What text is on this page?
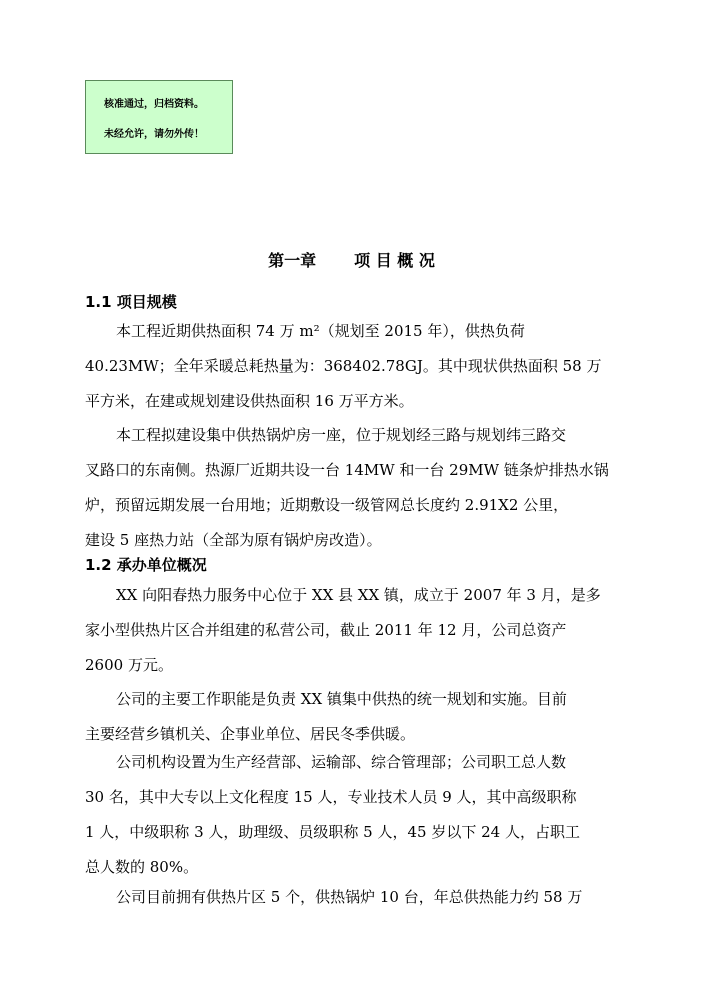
核准通过，归档资料。
未经允许，请勿外传！
第一章 项 目 概 况
1.1 项目规模
本工程近期供热面积 74 万 m²（规划至 2015 年），供热负荷
40.23MW；全年采暖总耗热量为：368402.78GJ。其中现状供热面积 58 万
平方米，在建或规划建设供热面积 16 万平方米。
本工程拟建设集中供热锅炉房一座，位于规划经三路与规划纬三路交
叉路口的东南侧。热源厂近期共设一台 14MW 和一台 29MW 链条炉排热水锅
炉，预留远期发展一台用地；近期敷设一级管网总长度约 2.91X2 公里，
建设 5 座热力站（全部为原有锅炉房改造）。
1.2 承办单位概况
XX 向阳春热力服务中心位于 XX 县 XX 镇，成立于 2007 年 3 月，是多
家小型供热片区合并组建的私营公司，截止 2011 年 12 月，公司总资产
2600 万元。
公司的主要工作职能是负责 XX 镇集中供热的统一规划和实施。目前
主要经营乡镇机关、企事业单位、居民冬季供暖。
公司机构设置为生产经营部、运输部、综合管理部；公司职工总人数
30 名，其中大专以上文化程度 15 人，专业技术人员 9 人，其中高级职称
1 人，中级职称 3 人，助理级、员级职称 5 人，45 岁以下 24 人，占职工
总人数的 80%。
公司目前拥有供热片区 5 个，供热锅炉 10 台，年总供热能力约 58 万
